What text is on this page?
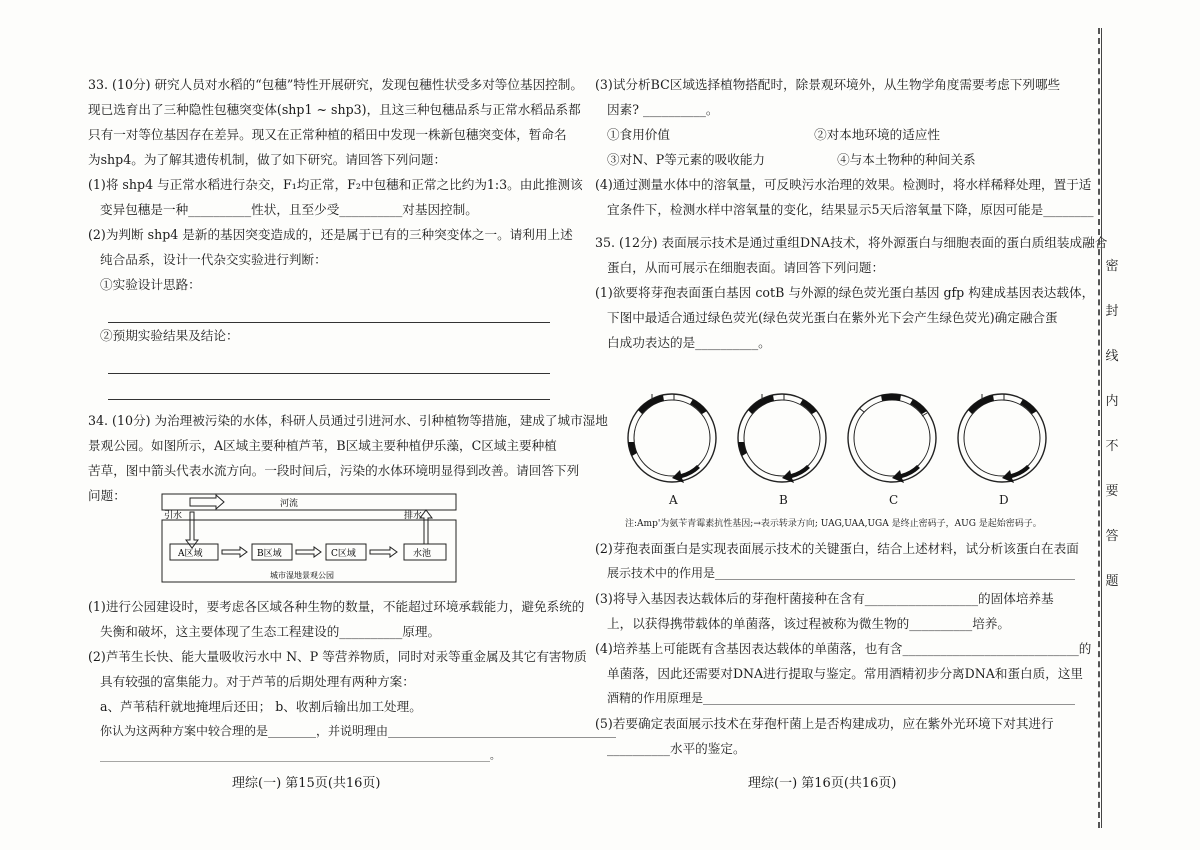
33. (10分) 研究人员对水稻的“包穗”特性开展研究，发现包穗性状受多对等位基因控制。

现已选育出了三种隐性包穗突变体(shp1 ~ shp3)，且这三种包穗品系与正常水稻品系都

只有一对等位基因存在差异。现又在正常种植的稻田中发现一株新包穗突变体，暂命名

为shp4。为了解其遗传机制，做了如下研究。请回答下列问题：

(1)将 shp4 与正常水稻进行杂交，F₁均正常，F₂中包穗和正常之比约为1:3。由此推测该

变异包穗是一种__________性状，且至少受__________对基因控制。

(2)为判断 shp4 是新的基因突变造成的，还是属于已有的三种突变体之一。请利用上述

纯合品系，设计一代杂交实验进行判断：

①实验设计思路：

②预期实验结果及结论：

34. (10分) 为治理被污染的水体，科研人员通过引进河水、引种植物等措施，建成了城市湿地

景观公园。如图所示，A区域主要种植芦苇，B区域主要种植伊乐藻，C区域主要种植

苦草，图中箭头代表水流方向。一段时间后，污染的水体环境明显得到改善。请回答下列

问题：

河流
引水	排水
A区域	B区域	C区域	水池
城市湿地景观公园

(1)进行公园建设时，要考虑各区域各种生物的数量，不能超过环境承载能力，避免系统的

失衡和破坏，这主要体现了生态工程建设的__________原理。

(2)芦苇生长快、能大量吸收污水中 N、P 等营养物质，同时对汞等重金属及其它有害物质

具有较强的富集能力。对于芦苇的后期处理有两种方案：

a、芦苇秸秆就地掩埋后还田； b、收割后输出加工处理。

你认为这两种方案中较合理的是________，并说明理由______________________________________

______________________________________________________________________________。

理综(一) 第15页(共16页)

(3)试分析BC区域选择植物搭配时，除景观环境外，从生物学角度需要考虑下列哪些

因素? __________。

①食用价值                                    ②对本地环境的适应性

③对N、P等元素的吸收能力                  ④与本土物种的种间关系

(4)通过测量水体中的溶氧量，可反映污水治理的效果。检测时，将水样稀释处理，置于适

宜条件下，检测水样中溶氧量的变化，结果显示5天后溶氧量下降，原因可能是________

35. (12分) 表面展示技术是通过重组DNA技术，将外源蛋白与细胞表面的蛋白质组装成融合

蛋白，从而可展示在细胞表面。请回答下列问题：

(1)欲要将芽孢表面蛋白基因 cotB 与外源的绿色荧光蛋白基因 gfp 构建成基因表达载体，

下图中最适合通过绿色荧光(绿色荧光蛋白在紫外光下会产生绿色荧光)确定融合蛋

白成功表达的是__________。

A	B	C	D
注:Amp'为氨苄青霉素抗性基因;→表示转录方向; UAG,UAA,UGA 是终止密码子，AUG 是起始密码子。

(2)芽孢表面蛋白是实现表面展示技术的关键蛋白，结合上述材料，试分析该蛋白在表面

展示技术中的作用是____________________________________________________________

(3)将导入基因表达载体后的芽孢杆菌接种在含有__________________的固体培养基

上，以获得携带载体的单菌落，该过程被称为微生物的__________培养。

(4)培养基上可能既有含基因表达载体的单菌落，也有含____________________________的

单菌落，因此还需要对DNA进行提取与鉴定。常用酒精初步分离DNA和蛋白质，这里

酒精的作用原理是______________________________________________________________

(5)若要确定表面展示技术在芽孢杆菌上是否构建成功，应在紫外光环境下对其进行

__________水平的鉴定。

理综(一) 第16页(共16页)
密
封
线
内
不
要
答
题
